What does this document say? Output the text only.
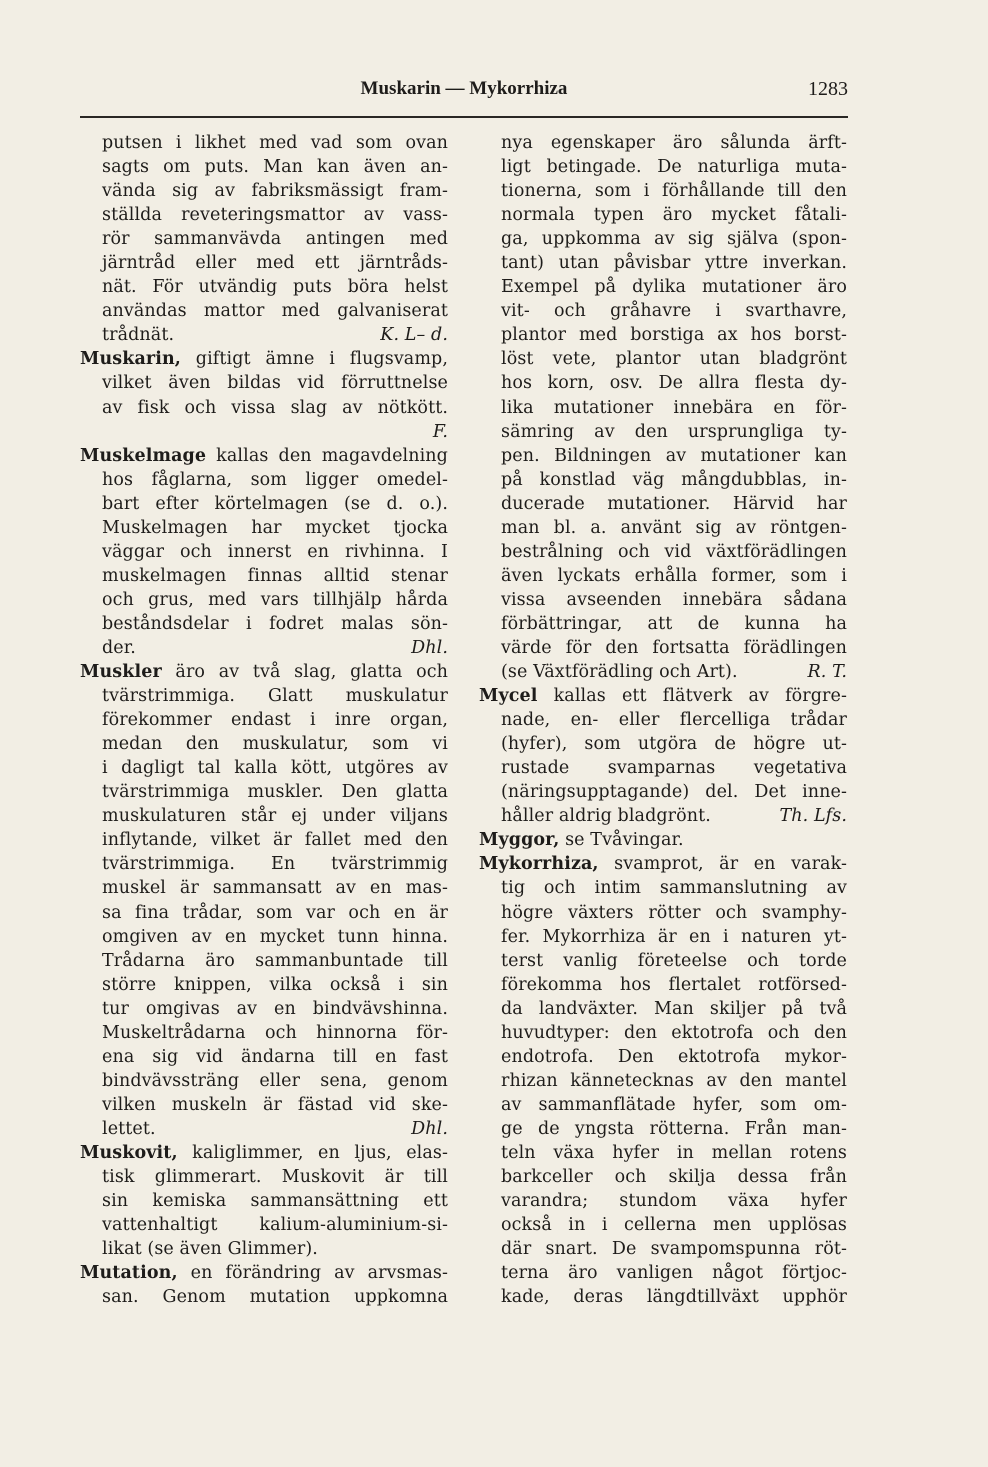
Muskarin — Mykorrhiza	1283
putsen i likhet med vad som ovan
sagts om puts. Man kan även an-
vända sig av fabriksmässigt fram-
ställda reveteringsmattor av vass-
rör sammanvävda antingen med
järntråd eller med ett järntråds-
nät. För utvändig puts böra helst
användas mattor med galvaniserat
trådnät.	K. L– d.
Muskarin, giftigt ämne i flugsvamp,
vilket även bildas vid förruttnelse
av fisk och vissa slag av nötkött.
F.
Muskelmage kallas den magavdelning
hos fåglarna, som ligger omedel-
bart efter körtelmagen (se d. o.).
Muskelmagen har mycket tjocka
väggar och innerst en rivhinna. I
muskelmagen finnas alltid stenar
och grus, med vars tillhjälp hårda
beståndsdelar i fodret malas sön-
der.	Dhl.
Muskler äro av två slag, glatta och
tvärstrimmiga. Glatt muskulatur
förekommer endast i inre organ,
medan den muskulatur, som vi
i dagligt tal kalla kött, utgöres av
tvärstrimmiga muskler. Den glatta
muskulaturen står ej under viljans
inflytande, vilket är fallet med den
tvärstrimmiga. En tvärstrimmig
muskel är sammansatt av en mas-
sa fina trådar, som var och en är
omgiven av en mycket tunn hinna.
Trådarna äro sammanbuntade till
större knippen, vilka också i sin
tur omgivas av en bindvävshinna.
Muskeltrådarna och hinnorna för-
ena sig vid ändarna till en fast
bindvävssträng eller sena, genom
vilken muskeln är fästad vid ske-
lettet.	Dhl.
Muskovit, kaliglimmer, en ljus, elas-
tisk glimmerart. Muskovit är till
sin kemiska sammansättning ett
vattenhaltigt kalium-aluminium-si-
likat (se även Glimmer).
Mutation, en förändring av arvsmas-
san. Genom mutation uppkomna
nya egenskaper äro sålunda ärft-
ligt betingade. De naturliga muta-
tionerna, som i förhållande till den
normala typen äro mycket fåtali-
ga, uppkomma av sig själva (spon-
tant) utan påvisbar yttre inverkan.
Exempel på dylika mutationer äro
vit- och gråhavre i svarthavre,
plantor med borstiga ax hos borst-
löst vete, plantor utan bladgrönt
hos korn, osv. De allra flesta dy-
lika mutationer innebära en för-
sämring av den ursprungliga ty-
pen. Bildningen av mutationer kan
på konstlad väg mångdubblas, in-
ducerade mutationer. Härvid har
man bl. a. använt sig av röntgen-
bestrålning och vid växtförädlingen
även lyckats erhålla former, som i
vissa avseenden innebära sådana
förbättringar, att de kunna ha
värde för den fortsatta förädlingen
(se Växtförädling och Art).	R. T.
Mycel kallas ett flätverk av förgre-
nade, en- eller flercelliga trådar
(hyfer), som utgöra de högre ut-
rustade svamparnas vegetativa
(näringsupptagande) del. Det inne-
håller aldrig bladgrönt.	Th. Lfs.
Myggor, se Tvåvingar.
Mykorrhiza, svamprot, är en varak-
tig och intim sammanslutning av
högre växters rötter och svamphy-
fer. Mykorrhiza är en i naturen yt-
terst vanlig företeelse och torde
förekomma hos flertalet rotförsed-
da landväxter. Man skiljer på två
huvudtyper: den ektotrofa och den
endotrofa. Den ektotrofa mykor-
rhizan kännetecknas av den mantel
av sammanflätade hyfer, som om-
ge de yngsta rötterna. Från man-
teln växa hyfer in mellan rotens
barkceller och skilja dessa från
varandra; stundom växa hyfer
också in i cellerna men upplösas
där snart. De svampomspunna röt-
terna äro vanligen något förtjoc-
kade, deras längdtillväxt upphör
